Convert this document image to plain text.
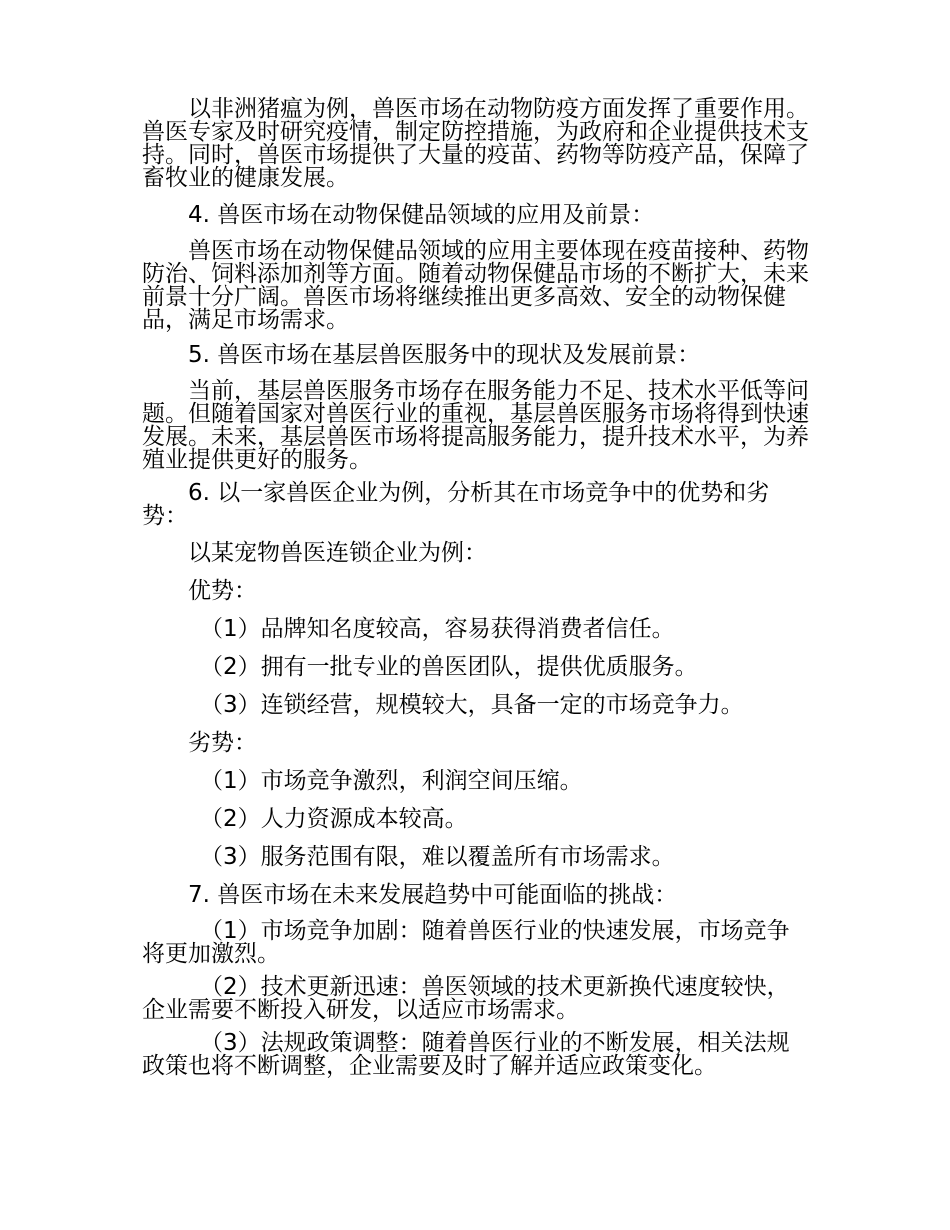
以非洲猪瘟为例，兽医市场在动物防疫方面发挥了重要作用。兽医专家及时研究疫情，制定防控措施，为政府和企业提供技术支持。同时，兽医市场提供了大量的疫苗、药物等防疫产品，保障了畜牧业的健康发展。

4. 兽医市场在动物保健品领域的应用及前景：

兽医市场在动物保健品领域的应用主要体现在疫苗接种、药物防治、饲料添加剂等方面。随着动物保健品市场的不断扩大，未来前景十分广阔。兽医市场将继续推出更多高效、安全的动物保健品，满足市场需求。

5. 兽医市场在基层兽医服务中的现状及发展前景：

当前，基层兽医服务市场存在服务能力不足、技术水平低等问题。但随着国家对兽医行业的重视，基层兽医服务市场将得到快速发展。未来，基层兽医市场将提高服务能力，提升技术水平，为养殖业提供更好的服务。

6. 以一家兽医企业为例，分析其在市场竞争中的优势和劣势：

以某宠物兽医连锁企业为例：

优势：

（1）品牌知名度较高，容易获得消费者信任。

（2）拥有一批专业的兽医团队，提供优质服务。

（3）连锁经营，规模较大，具备一定的市场竞争力。

劣势：

（1）市场竞争激烈，利润空间压缩。

（2）人力资源成本较高。

（3）服务范围有限，难以覆盖所有市场需求。

7. 兽医市场在未来发展趋势中可能面临的挑战：

（1）市场竞争加剧：随着兽医行业的快速发展，市场竞争将更加激烈。

（2）技术更新迅速：兽医领域的技术更新换代速度较快，企业需要不断投入研发，以适应市场需求。

（3）法规政策调整：随着兽医行业的不断发展，相关法规政策也将不断调整，企业需要及时了解并适应政策变化。
